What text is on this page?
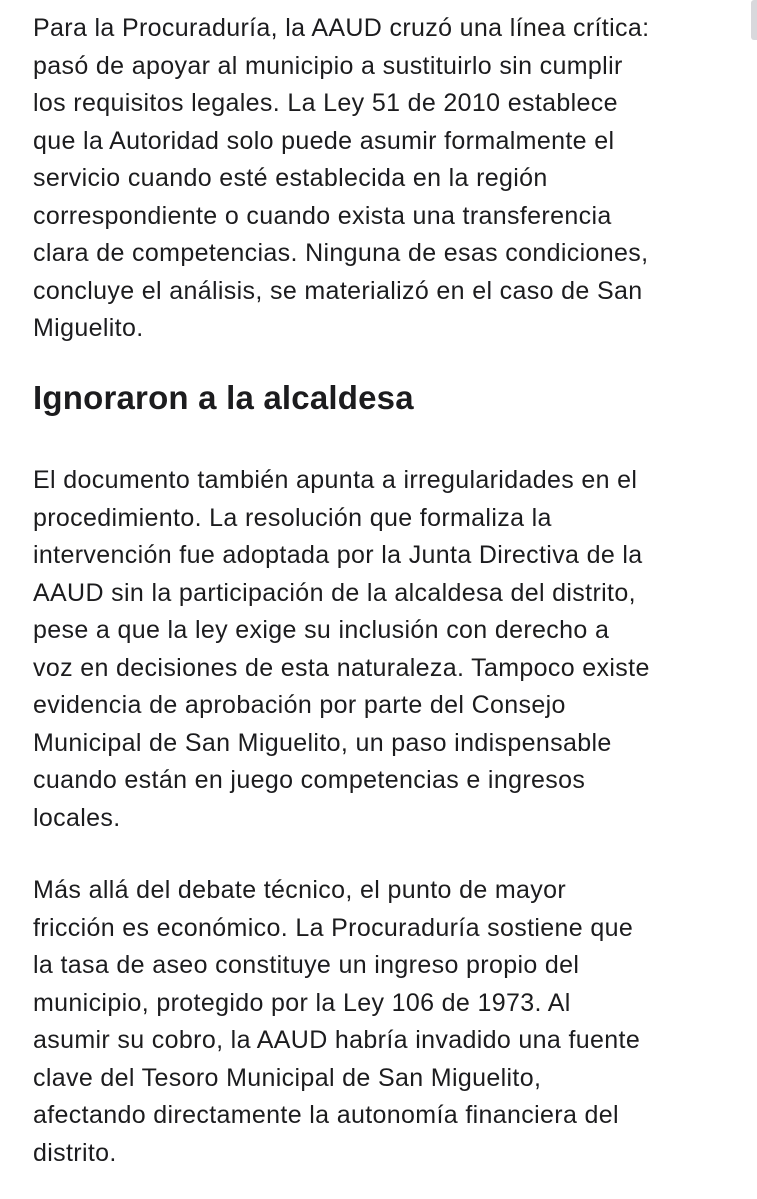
Para la Procuraduría, la AAUD cruzó una línea crítica:
pasó de apoyar al municipio a sustituirlo sin cumplir
los requisitos legales. La Ley 51 de 2010 establece
que la Autoridad solo puede asumir formalmente el
servicio cuando esté establecida en la región
correspondiente o cuando exista una transferencia
clara de competencias. Ninguna de esas condiciones,
concluye el análisis, se materializó en el caso de San
Miguelito.

Ignoraron a la alcaldesa

El documento también apunta a irregularidades en el
procedimiento. La resolución que formaliza la
intervención fue adoptada por la Junta Directiva de la
AAUD sin la participación de la alcaldesa del distrito,
pese a que la ley exige su inclusión con derecho a
voz en decisiones de esta naturaleza. Tampoco existe
evidencia de aprobación por parte del Consejo
Municipal de San Miguelito, un paso indispensable
cuando están en juego competencias e ingresos
locales.

Más allá del debate técnico, el punto de mayor
fricción es económico. La Procuraduría sostiene que
la tasa de aseo constituye un ingreso propio del
municipio, protegido por la Ley 106 de 1973. Al
asumir su cobro, la AAUD habría invadido una fuente
clave del Tesoro Municipal de San Miguelito,
afectando directamente la autonomía financiera del
distrito.
